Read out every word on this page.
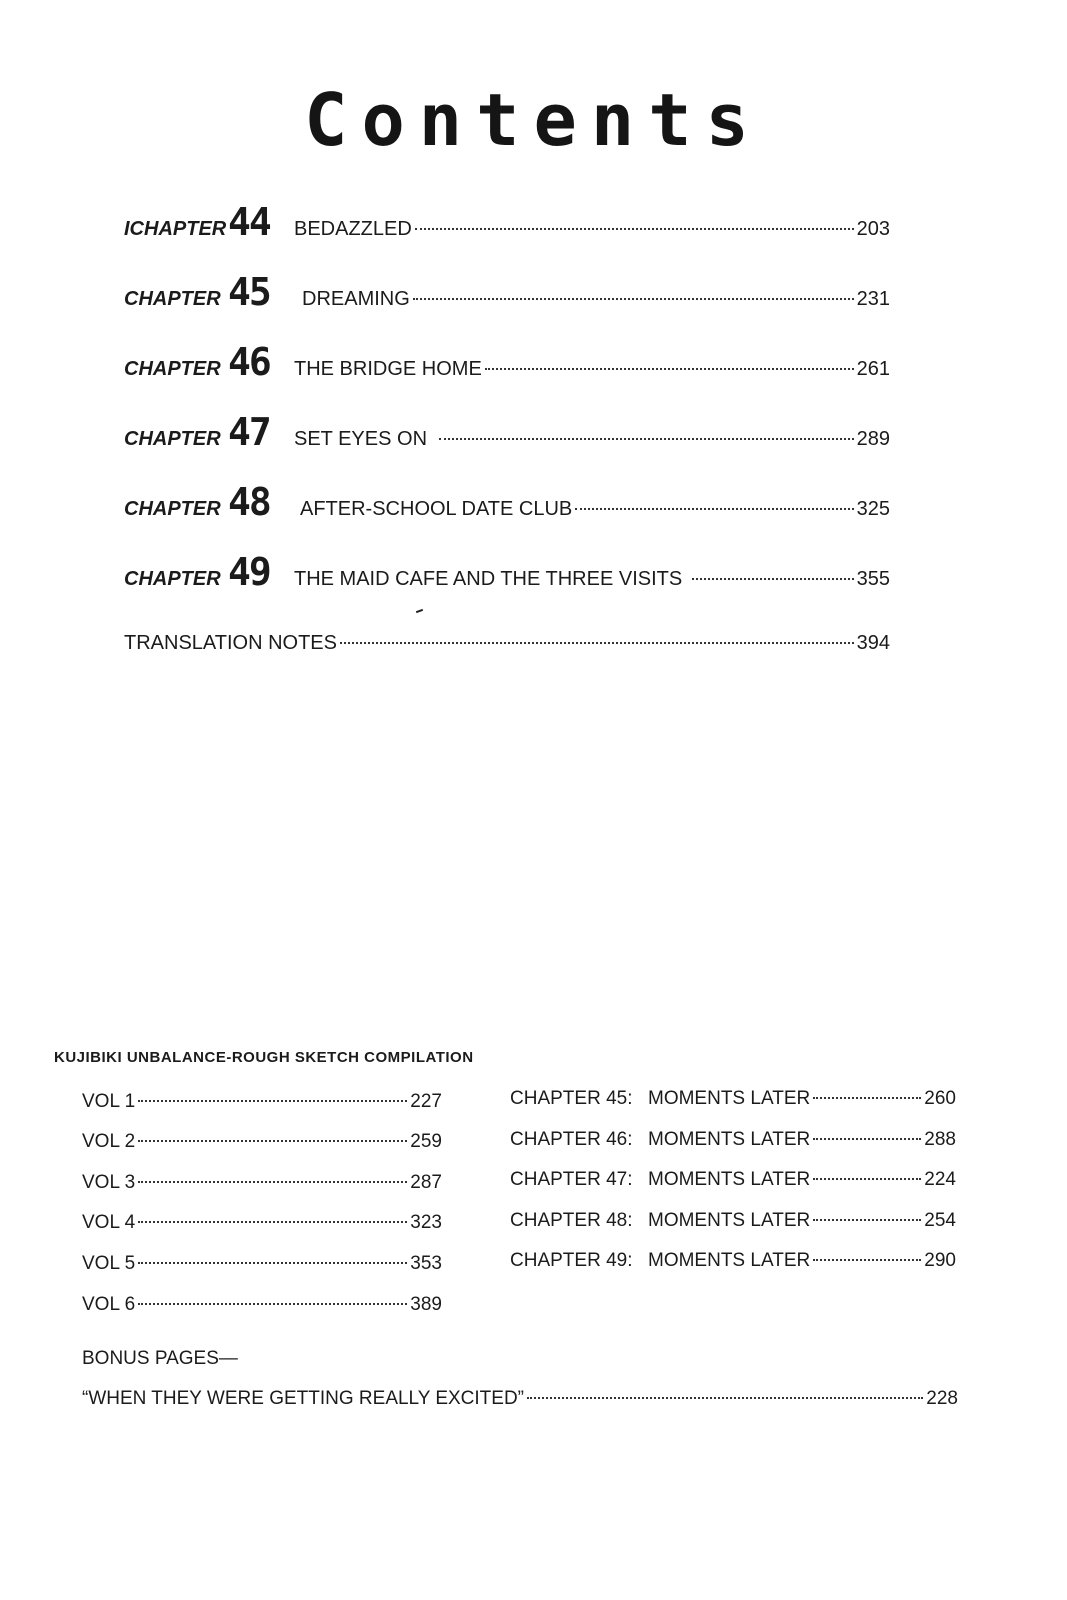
Contents
ICHAPTER 44	BEDAZZLED	203
CHAPTER 45	DREAMING	231
CHAPTER 46	THE BRIDGE HOME	261
CHAPTER 47	SET EYES ON	289
CHAPTER 48	AFTER-SCHOOL DATE CLUB	325
CHAPTER 49	THE MAID CAFE AND THE THREE VISITS	355
TRANSLATION NOTES	394
KUJIBIKI UNBALANCE-ROUGH SKETCH COMPILATION
VOL 1	227
VOL 2	259
VOL 3	287
VOL 4	323
VOL 5	353
VOL 6	389
CHAPTER 45: MOMENTS LATER	260
CHAPTER 46: MOMENTS LATER	288
CHAPTER 47: MOMENTS LATER	224
CHAPTER 48: MOMENTS LATER	254
CHAPTER 49: MOMENTS LATER	290
BONUS PAGES—
“WHEN THEY WERE GETTING REALLY EXCITED”	228
